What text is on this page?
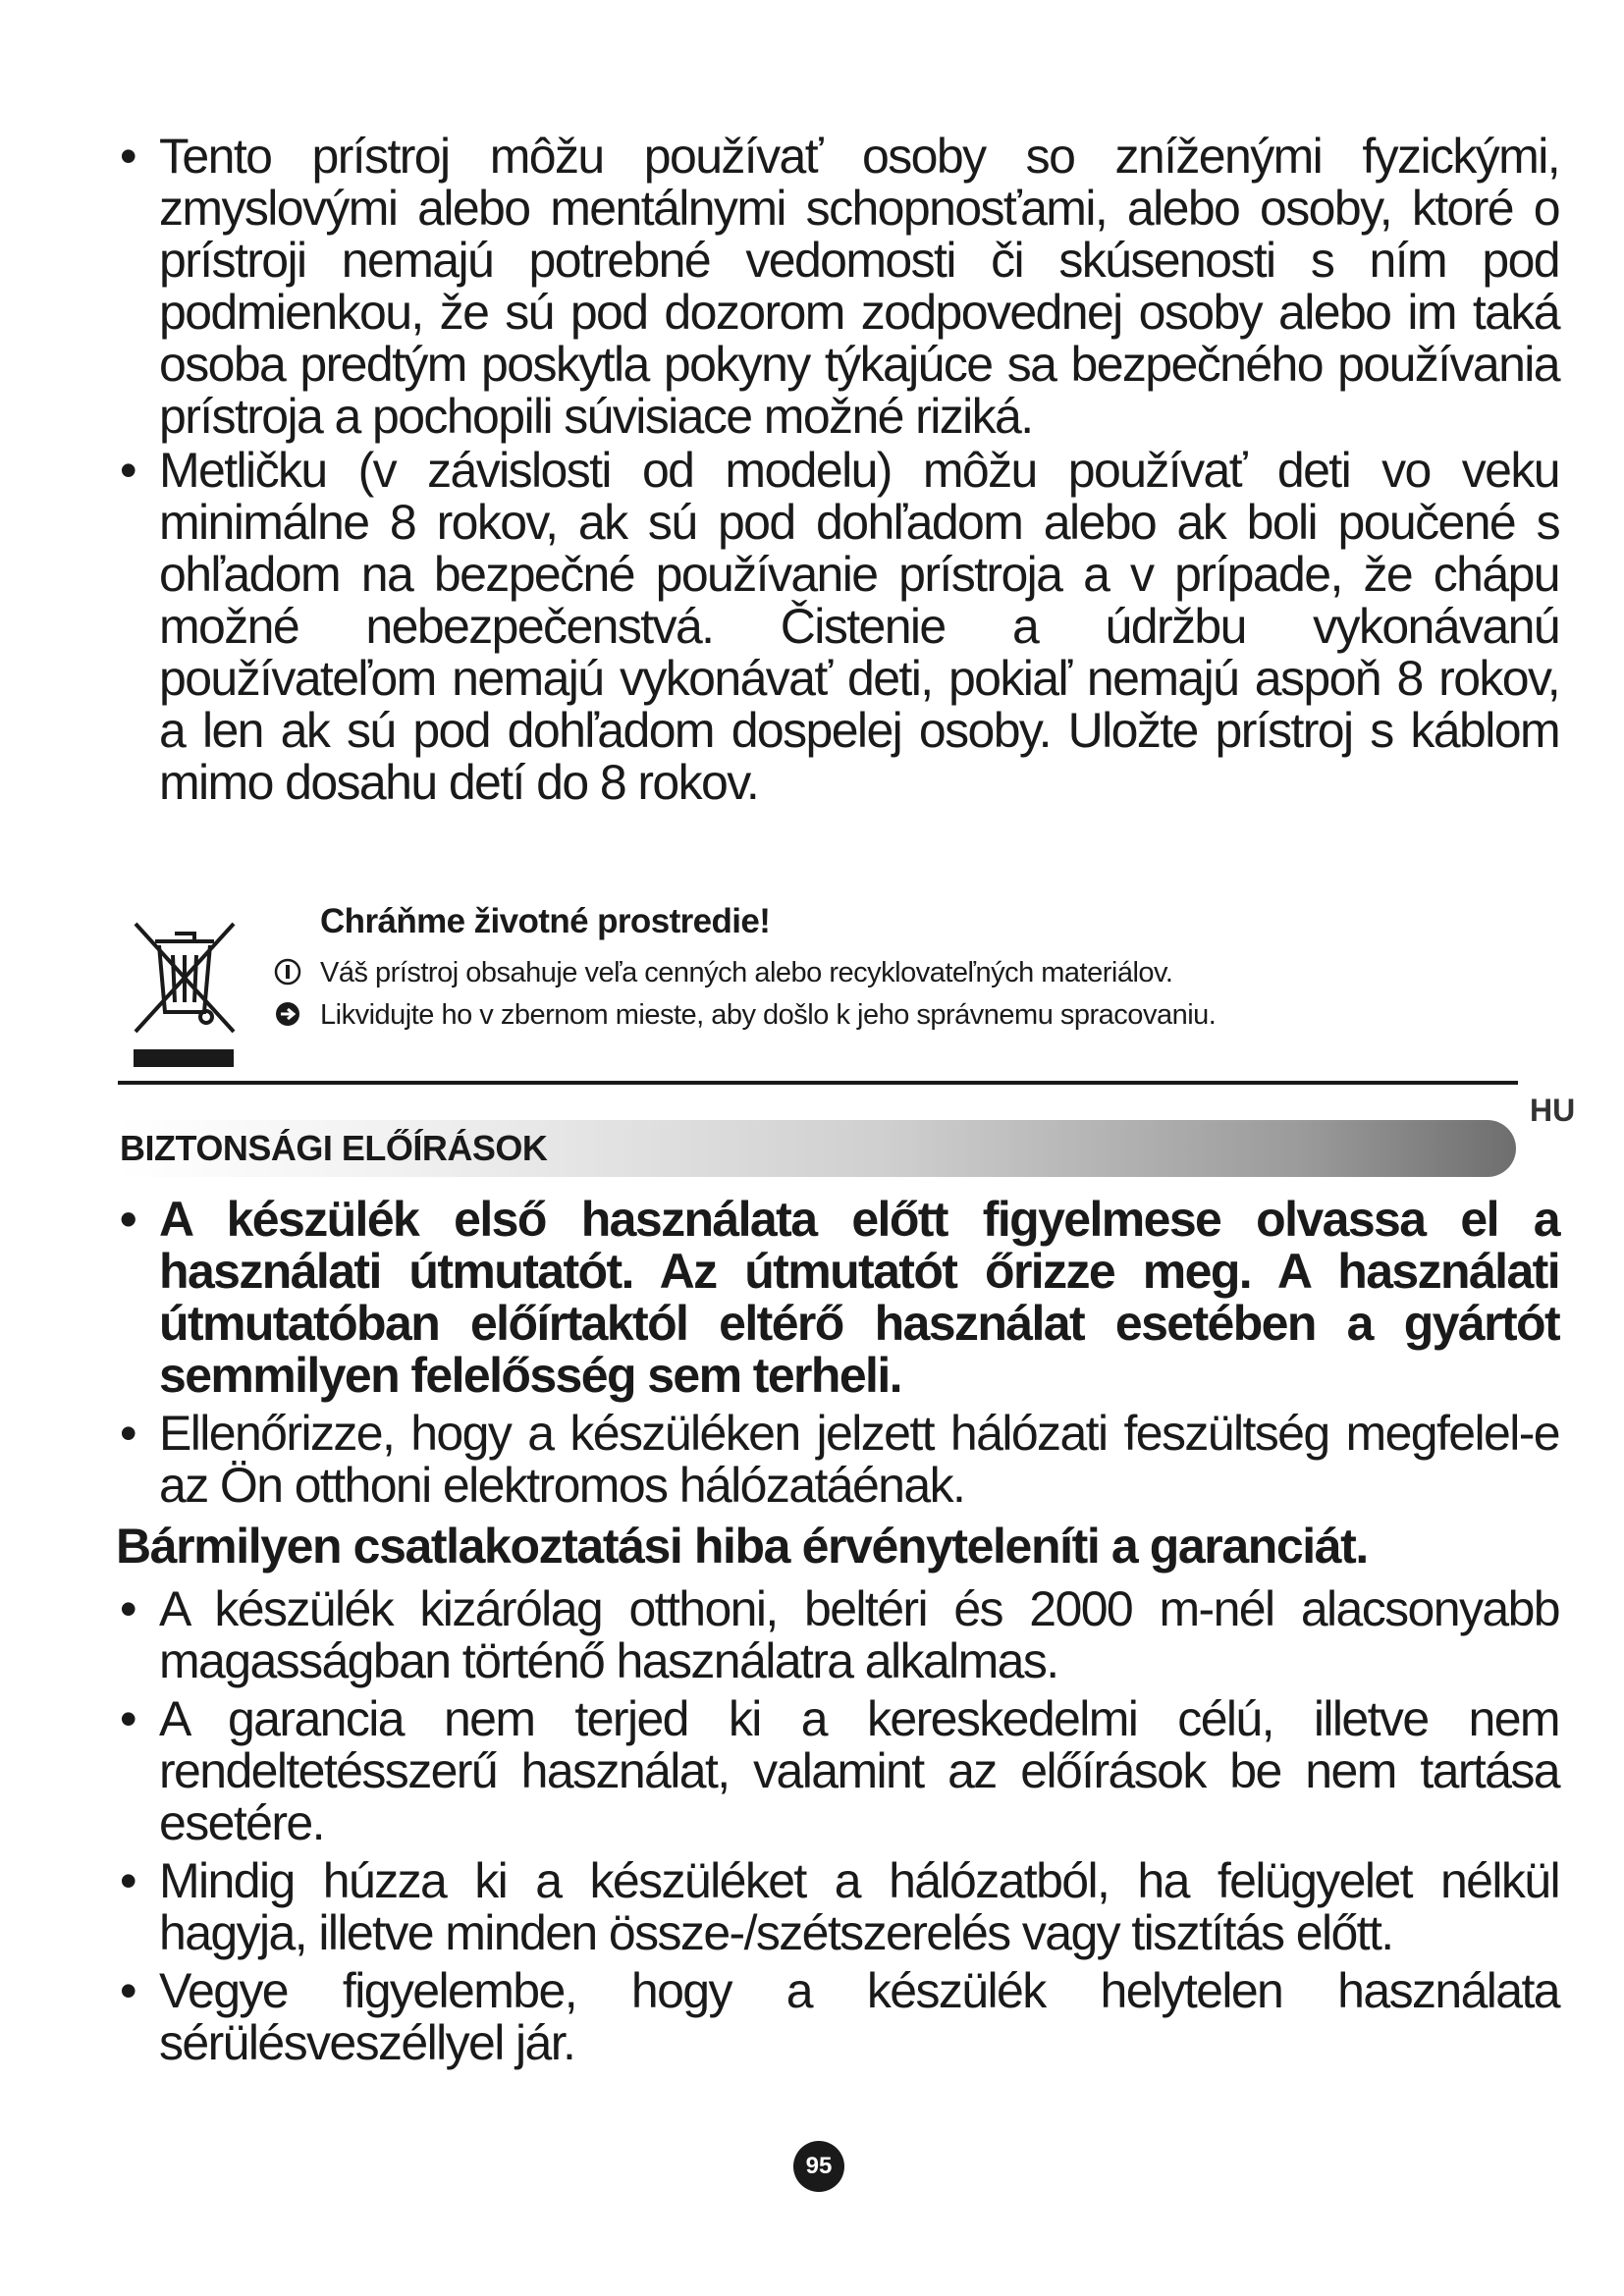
• Tento prístroj môžu používať osoby so zníženými fyzickými, zmyslovými alebo mentálnymi schopnosťami, alebo osoby, ktoré o prístroji nemajú potrebné vedomosti či skúsenosti s ním pod podmienkou, že sú pod dozorom zodpovednej osoby alebo im taká osoba predtým poskytla pokyny týkajúce sa bezpečného používania prístroja a pochopili súvisiace možné riziká.
• Metličku (v závislosti od modelu) môžu používať deti vo veku minimálne 8 rokov, ak sú pod dohľadom alebo ak boli poučené s ohľadom na bezpečné používanie prístroja a v prípade, že chápu možné nebezpečenstvá. Čistenie a údržbu vykonávanú používateľom nemajú vykonávať deti, pokiaľ nemajú aspoň 8 rokov, a len ak sú pod dohľadom dospelej osoby. Uložte prístroj s káblom mimo dosahu detí do 8 rokov.
Chráňme životné prostredie!
Váš prístroj obsahuje veľa cenných alebo recyklovateľných materiálov.
Likvidujte ho v zbernom mieste, aby došlo k jeho správnemu spracovaniu.
HU
BIZTONSÁGI ELŐÍRÁSOK
• A készülék első használata előtt figyelmese olvassa el a használati útmutatót. Az útmutatót őrizze meg. A használati útmutatóban előírtaktól eltérő használat esetében a gyártót semmilyen felelősség sem terheli.
• Ellenőrizze, hogy a készüléken jelzett hálózati feszültség megfelel-e az Ön otthoni elektromos hálózatáénak.
Bármilyen csatlakoztatási hiba érvényteleníti a garanciát.
• A készülék kizárólag otthoni, beltéri és 2000 m-nél alacsonyabb magasságban történő használatra alkalmas.
• A garancia nem terjed ki a kereskedelmi célú, illetve nem rendeltetésszerű használat, valamint az előírások be nem tartása esetére.
• Mindig húzza ki a készüléket a hálózatból, ha felügyelet nélkül hagyja, illetve minden össze-/szétszerelés vagy tisztítás előtt.
• Vegye figyelembe, hogy a készülék helytelen használata sérülésveszéllyel jár.
95
